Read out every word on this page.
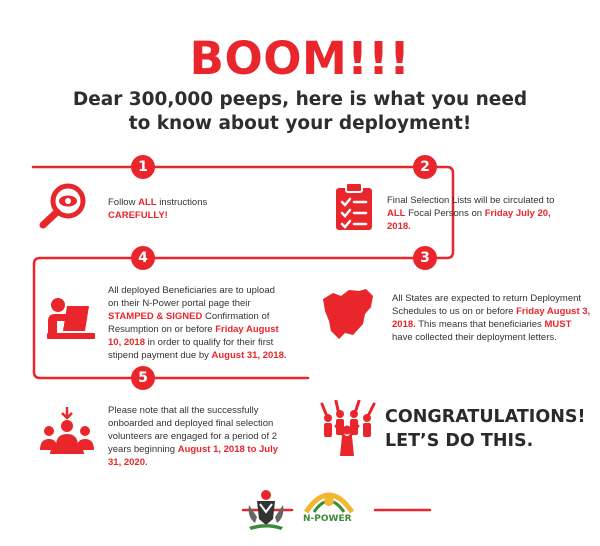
BOOM!!!
Dear 300,000 peeps, here is what you need to know about your deployment!
1	2
3
4
5
Follow ALL instructions CAREFULLY!
Final Selection Lists will be circulated to ALL Focal Persons on Friday July 20, 2018.
All States are expected to return Deployment Schedules to us on or before Friday August 3, 2018. This means that beneficiaries MUST have collected their deployment letters.
All deployed Beneficiaries are to upload on their N-Power portal page their STAMPED & SIGNED Confirmation of Resumption on or before Friday August 10, 2018 in order to qualify for their first stipend payment due by August 31, 2018.
Please note that all the successfully onboarded and deployed final selection volunteers are engaged for a period of 2 years beginning August 1, 2018 to July 31, 2020.
CONGRATULATIONS!
LET’S DO THIS.
N-POWER
